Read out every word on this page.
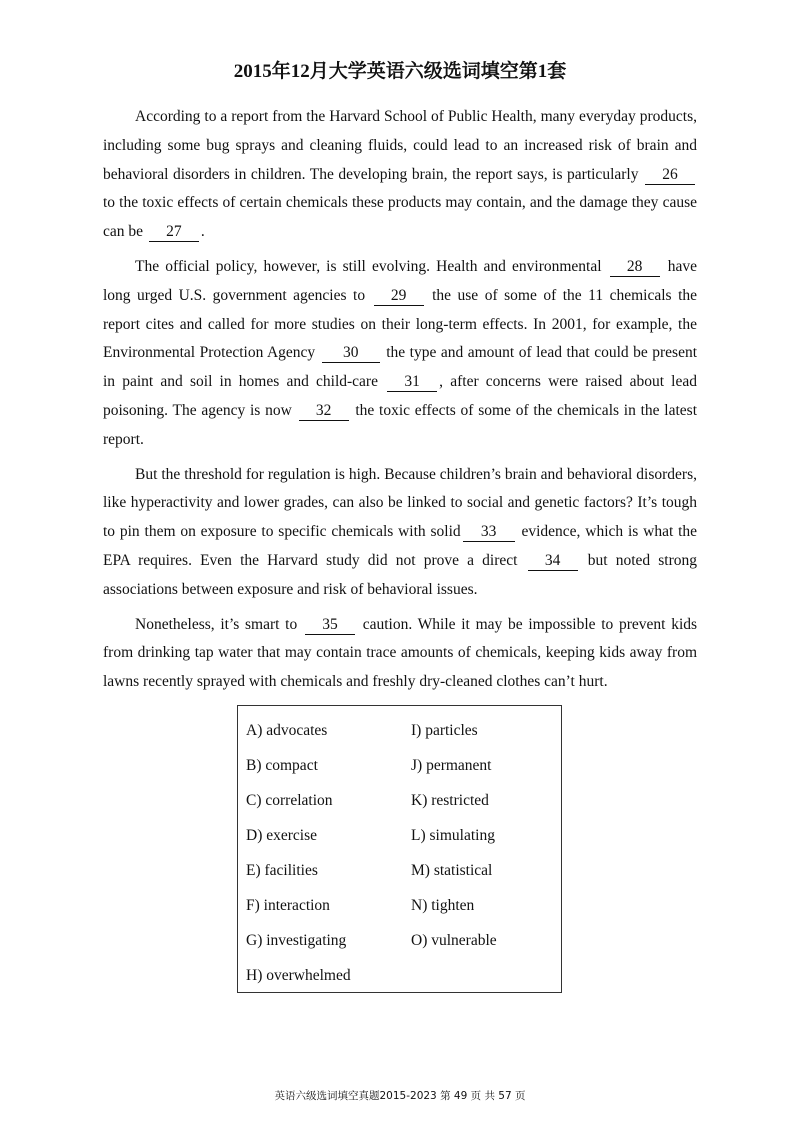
2015年12月大学英语六级选词填空第1套

According to a report from the Harvard School of Public Health, many everyday products, including some bug sprays and cleaning fluids, could lead to an increased risk of brain and behavioral disorders in children. The developing brain, the report says, is particularly 26 to the toxic effects of certain chemicals these products may contain, and the damage they cause can be 27 .

The official policy, however, is still evolving. Health and environmental 28 have long urged U.S. government agencies to 29 the use of some of the 11 chemicals the report cites and called for more studies on their long-term effects. In 2001, for example, the Environmental Protection Agency 30 the type and amount of lead that could be present in paint and soil in homes and child-care 31 , after concerns were raised about lead poisoning. The agency is now 32 the toxic effects of some of the chemicals in the latest report.

But the threshold for regulation is high. Because children’s brain and behavioral disorders, like hyperactivity and lower grades, can also be linked to social and genetic factors? It’s tough to pin them on exposure to specific chemicals with solid 33 evidence, which is what the EPA requires. Even the Harvard study did not prove a direct 34 but noted strong associations between exposure and risk of behavioral issues.

Nonetheless, it’s smart to 35 caution. While it may be impossible to prevent kids from drinking tap water that may contain trace amounts of chemicals, keeping kids away from lawns recently sprayed with chemicals and freshly dry-cleaned clothes can’t hurt.

A) advocates
B) compact
C) correlation
D) exercise
E) facilities
F) interaction
G) investigating
H) overwhelmed
I) particles
J) permanent
K) restricted
L) simulating
M) statistical
N) tighten
O) vulnerable
英语六级选词填空真题2015-2023 第 49 页 共 57 页
